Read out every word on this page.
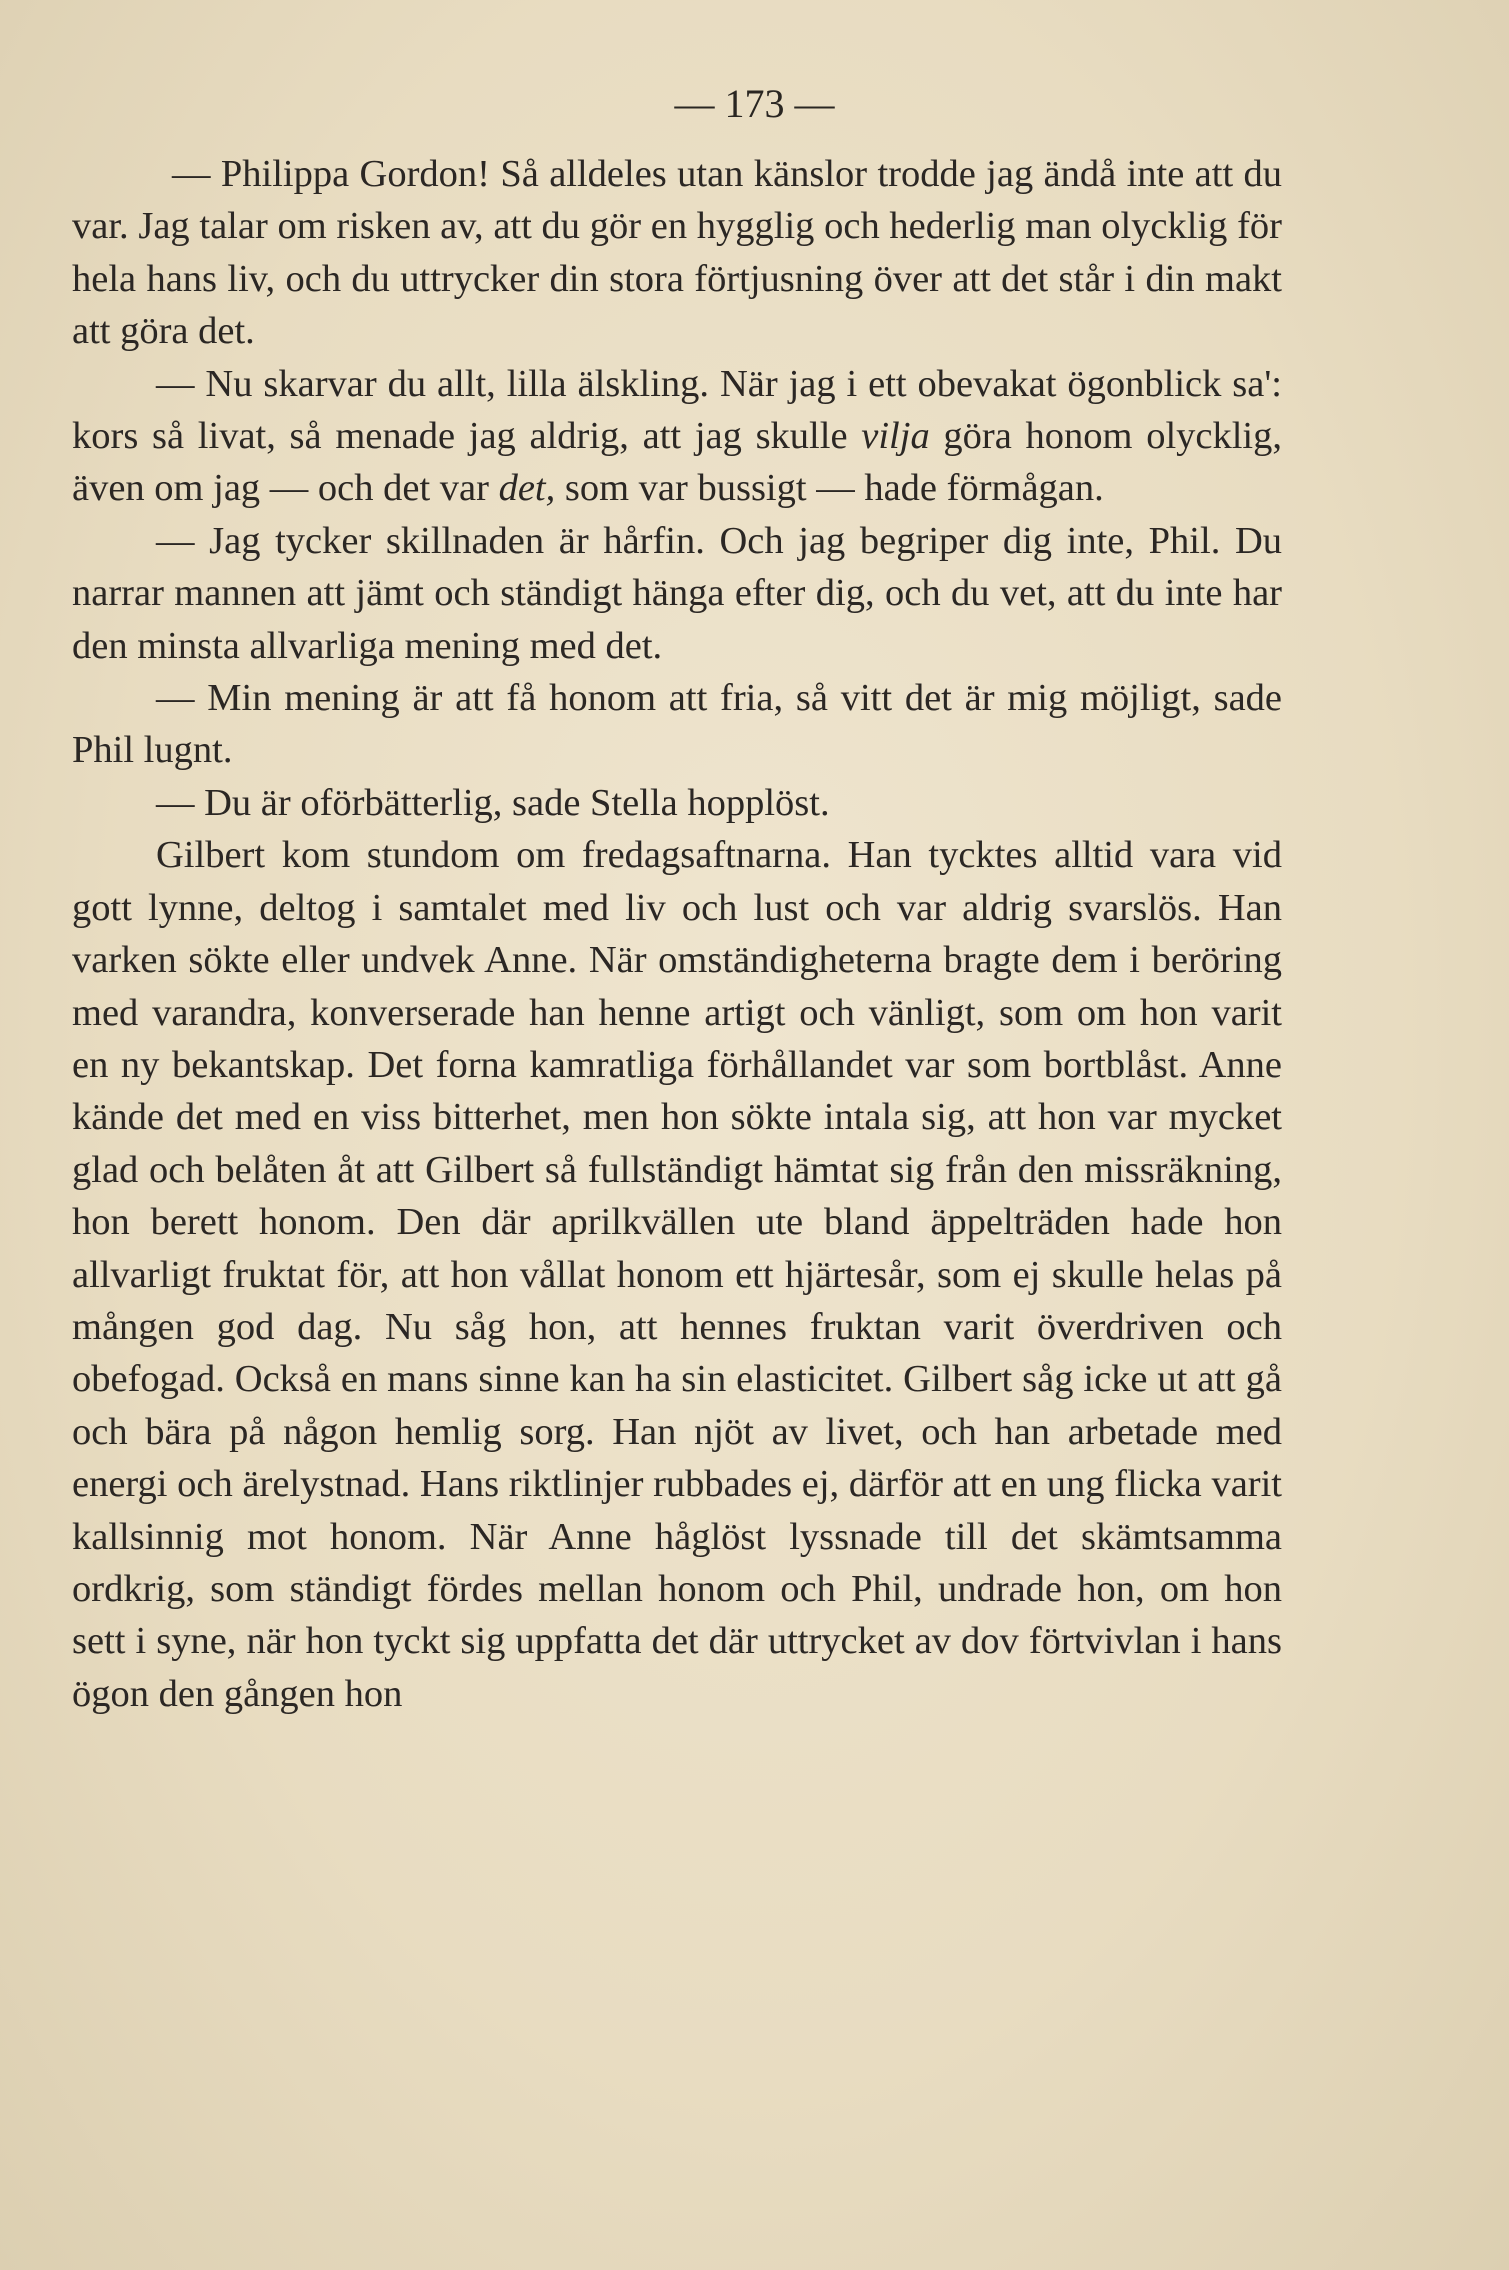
— 173 —

— Philippa Gordon! Så alldeles utan känslor trodde jag ändå inte att du var. Jag talar om risken av, att du gör en hygglig och hederlig man olycklig för hela hans liv, och du uttrycker din stora förtjusning över att det står i din makt att göra det.

— Nu skarvar du allt, lilla älskling. När jag i ett obevakat ögonblick sa': kors så livat, så menade jag aldrig, att jag skulle vilja göra honom olycklig, även om jag — och det var det, som var bussigt — hade förmågan.

— Jag tycker skillnaden är hårfin. Och jag begriper dig inte, Phil. Du narrar mannen att jämt och ständigt hänga efter dig, och du vet, att du inte har den minsta allvarliga mening med det.

— Min mening är att få honom att fria, så vitt det är mig möjligt, sade Phil lugnt.

— Du är oförbätterlig, sade Stella hopplöst.

Gilbert kom stundom om fredagsaftnarna. Han tycktes alltid vara vid gott lynne, deltog i samtalet med liv och lust och var aldrig svarslös. Han varken sökte eller undvek Anne. När omständigheterna bragte dem i beröring med varandra, konverserade han henne artigt och vänligt, som om hon varit en ny bekantskap. Det forna kamratliga förhållandet var som bortblåst. Anne kände det med en viss bitterhet, men hon sökte intala sig, att hon var mycket glad och belåten åt att Gilbert så fullständigt hämtat sig från den missräkning, hon berett honom. Den där aprilkvällen ute bland äppelträden hade hon allvarligt fruktat för, att hon vållat honom ett hjärtesår, som ej skulle helas på mången god dag. Nu såg hon, att hennes fruktan varit överdriven och obefogad. Också en mans sinne kan ha sin elasticitet. Gilbert såg icke ut att gå och bära på någon hemlig sorg. Han njöt av livet, och han arbetade med energi och ärelystnad. Hans riktlinjer rubbades ej, därför att en ung flicka varit kallsinnig mot honom. När Anne håglöst lyssnade till det skämtsamma ordkrig, som ständigt fördes mellan honom och Phil, undrade hon, om hon sett i syne, när hon tyckt sig uppfatta det där uttrycket av dov förtvivlan i hans ögon den gången hon
